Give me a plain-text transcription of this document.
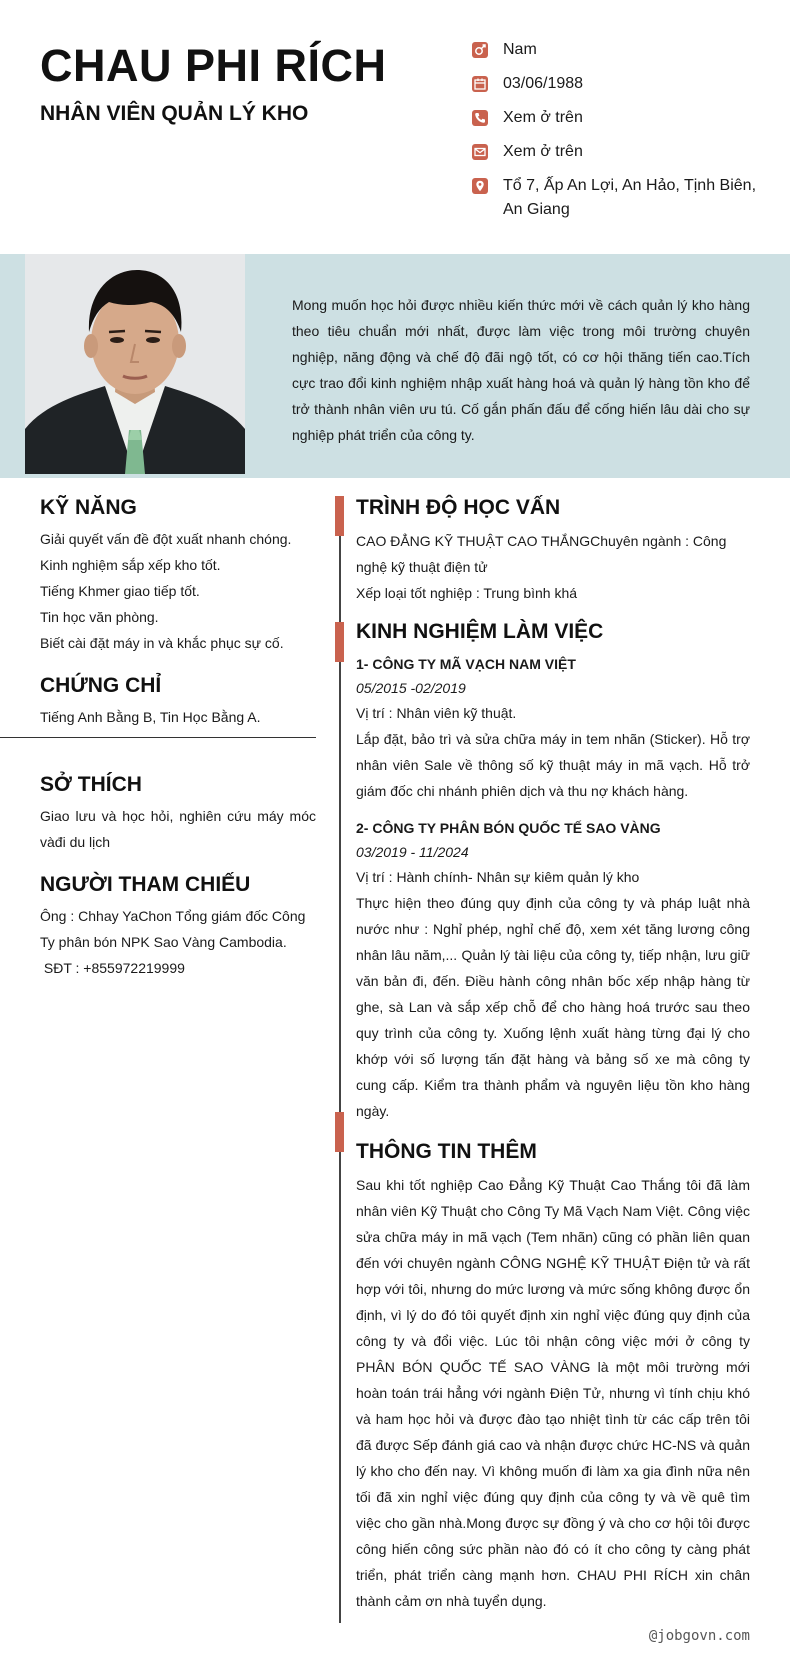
CHAU PHI RÍCH
NHÂN VIÊN QUẢN LÝ KHO
Nam
03/06/1988
Xem ở trên
Xem ở trên
Tổ 7, Ấp An Lợi, An Hảo, Tịnh Biên, An Giang

Mong muốn học hỏi được nhiều kiến thức mới về cách quản lý kho hàng theo tiêu chuẩn mới nhất, được làm việc trong môi trường chuyên nghiệp, năng động và chế độ đãi ngộ tốt, có cơ hội thăng tiến cao.Tích cực trao đổi kinh nghiệm nhập xuất hàng hoá và quản lý hàng tồn kho để trở thành nhân viên ưu tú. Cố gắn phấn đấu để cống hiến lâu dài cho sự nghiệp phát triển của công ty.

KỸ NĂNG
Giải quyết vấn đề đột xuất nhanh chóng.
Kinh nghiệm sắp xếp kho tốt.
Tiếng Khmer giao tiếp tốt.
Tin học văn phòng.
Biết cài đặt máy in và khắc phục sự cố.
CHỨNG CHỈ

Tiếng Anh Bằng B, Tin Học Bằng A.

SỞ THÍCH

Giao lưu và học hỏi, nghiên cứu máy móc vàđi du lịch

NGƯỜI THAM CHIẾU

Ông : Chhay YaChon Tổng giám đốc Công Ty phân bón NPK Sao Vàng Cambodia.

SĐT : +855972219999

TRÌNH ĐỘ HỌC VẤN

CAO ĐẲNG KỸ THUẬT CAO THẮNGChuyên ngành : Công nghệ kỹ thuật điện tử

Xếp loại tốt nghiệp : Trung bình khá

KINH NGHIỆM LÀM VIỆC
1- CÔNG TY MÃ VẠCH NAM VIỆT
05/2015 -02/2019

Vị trí : Nhân viên kỹ thuật.

Lắp đặt, bảo trì và sửa chữa máy in tem nhãn (Sticker). Hỗ trợ nhân viên Sale về thông số kỹ thuật máy in mã vạch. Hỗ trở giám đốc chi nhánh phiên dịch và thu nợ khách hàng.

2- CÔNG TY PHÂN BÓN QUỐC TẾ SAO VÀNG
03/2019 - 11/2024

Vị trí : Hành chính- Nhân sự kiêm quản lý kho

Thực hiện theo đúng quy định của công ty và pháp luật nhà nước như : Nghỉ phép, nghỉ chế độ, xem xét tăng lương công nhân lâu năm,... Quản lý tài liệu của công ty, tiếp nhận, lưu giữ văn bản đi, đến. Điều hành công nhân bốc xếp nhập hàng từ ghe, sà Lan và sắp xếp chỗ để cho hàng hoá trước sau theo quy trình của công ty. Xuống lệnh xuất hàng từng đại lý cho khớp với số lượng tấn đặt hàng và bảng số xe mà công ty cung cấp. Kiểm tra thành phẩm và nguyên liệu tồn kho hàng ngày.

THÔNG TIN THÊM

Sau khi tốt nghiệp Cao Đẳng Kỹ Thuật Cao Thắng tôi đã làm nhân viên Kỹ Thuật cho Công Ty Mã Vạch Nam Việt. Công việc sửa chữa máy in mã vạch (Tem nhãn) cũng có phần liên quan đến với chuyên ngành CÔNG NGHỆ KỸ THUẬT Điện tử và rất hợp với tôi, nhưng do mức lương và mức sống không được ổn định, vì lý do đó tôi quyết định xin nghỉ việc đúng quy định của công ty và đổi việc. Lúc tôi nhận công việc mới ở công ty PHÂN BÓN QUỐC TẾ SAO VÀNG là một môi trường mới hoàn toán trái hẳng với ngành Điện Tử, nhưng vì tính chịu khó và ham học hỏi và được đào tạo nhiệt tình từ các cấp trên tôi đã được Sếp đánh giá cao và nhận được chức HC-NS và quản lý kho cho đến nay. Vì không muốn đi làm xa gia đình nữa nên tối đã xin nghỉ việc đúng quy định của công ty và về quê tìm việc cho gần nhà.Mong được sự đồng ý và cho cơ hội tôi được công hiến công sức phần nào đó có ít cho công ty càng phát triển, phát triển càng mạnh hơn. CHAU PHI RÍCH xin chân thành cảm ơn nhà tuyển dụng.

@jobgovn.com
